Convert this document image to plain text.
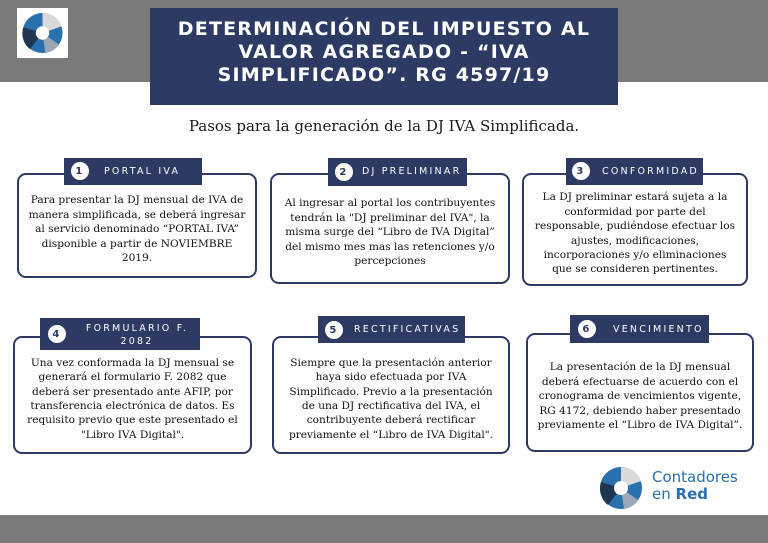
DETERMINACIÓN DEL IMPUESTO AL
VALOR AGREGADO - “IVA
SIMPLIFICADO”. RG 4597/19
Pasos para la generación de la DJ IVA Simplificada.
Para presentar la DJ mensual de IVA de manera simplificada, se deberá ingresar al servicio denominado “PORTAL IVA” disponible a partir de NOVIEMBRE 2019.
1	PORTAL IVA
Al ingresar al portal los contribuyentes tendrán la "DJ preliminar del IVA", la misma surge del “Libro de IVA Digital” del mismo mes mas las retenciones y/o percepciones
2	DJ PRELIMINAR
La DJ preliminar estará sujeta a la conformidad por parte del responsable, pudiéndose efectuar los ajustes, modificaciones, incorporaciones y/o eliminaciones que se consideren pertinentes.
3	CONFORMIDAD
Una vez conformada la DJ mensual se generará el formulario F. 2082 que deberá ser presentado ante AFIP, por transferencia electrónica de datos. Es requisito previo que este presentado el "Libro IVA Digital".
4	FORMULARIO F. 2082
Siempre que la presentación anterior haya sido efectuada por IVA Simplificado. Previo a la presentación de una DJ rectificativa del IVA, el contribuyente deberá rectificar previamente el “Libro de IVA Digital".
5	RECTIFICATIVAS
La presentación de la DJ mensual deberá efectuarse de acuerdo con el cronograma de vencimientos vigente, RG 4172, debiendo haber presentado previamente el “Libro de IVA Digital”.
6	VENCIMIENTO
Contadores
en Red
